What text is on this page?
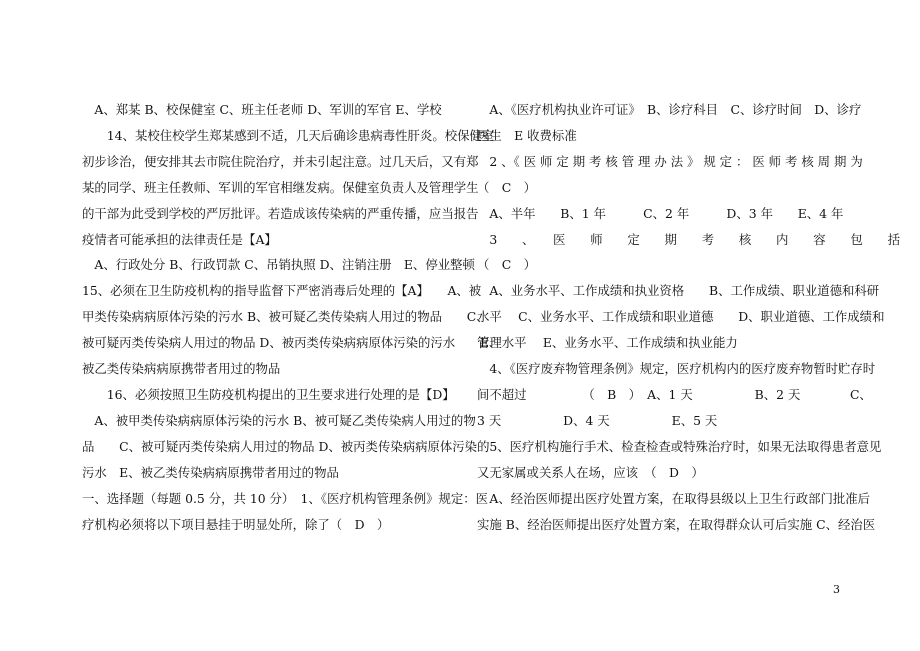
　A、郑某 B、校保健室 C、班主任老师 D、军训的军官 E、学校

　　14、某校住校学生郑某感到不适，几天后确诊患病毒性肝炎。校保健室

初步诊治，便安排其去市院住院治疗，并未引起注意。过几天后，又有郑

某的同学、班主任教师、军训的军官相继发病。保健室负责人及管理学生

的干部为此受到学校的严厉批评。若造成该传染病的严重传播，应当报告

疫情者可能承担的法律责任是【A】

　A、行政处分 B、行政罚款 C、吊销执照 D、注销注册　E、停业整顿

15、必须在卫生防疫机构的指导监督下严密消毒后处理的【A】　　A、被

甲类传染病病原体污染的污水 B、被可疑乙类传染病人用过的物品　　C、

被可疑丙类传染病人用过的物品 D、被丙类传染病病原体污染的污水　　E、

被乙类传染病病原携带者用过的物品

　　16、必须按照卫生防疫机构提出的卫生要求进行处理的是【D】

　A、被甲类传染病病原体污染的污水 B、被可疑乙类传染病人用过的物

品　　C、被可疑丙类传染病人用过的物品 D、被丙类传染病病原体污染的

污水　E、被乙类传染病病原携带者用过的物品

一、选择题（每题 0.5 分，共 10 分）　1、《医疗机构管理条例》规定：医

疗机构必须将以下项目悬挂于明显处所，除了（　D　）

　A、《医疗机构执业许可证》　B、诊疗科目　C、诊疗时间　D、诊疗

医生　E 收费标准

　2 、《 医 师 定 期 考 核 管 理 办 法 》 规 定 ： 医 师 考 核 周 期 为

（　C　）

　A、半年　　B、1 年　　　C、2 年　　　D、3 年　　E、4 年

　3　　、　　医　　师　　定　　期　　考　　核　　内　　容　　包　　括

（　C　）

　A、业务水平、工作成绩和执业资格　　B、工作成绩、职业道德和科研

水平　 C、业务水平、工作成绩和职业道德　　D、职业道德、工作成绩和

管理水平　 E、业务水平、工作成绩和执业能力

　4、《医疗废弃物管理条例》规定，医疗机构内的医疗废弃物暂时贮存时

间不超过　　　　　（　B　）　A、1 天　　　　　B、2 天　　　　C、

3 天　　　　　D、4 天　　　　　E、5 天

　5、医疗机构施行手术、检查检查或特殊治疗时，如果无法取得患者意见

又无家属或关系人在场，应该　（　D　）

　A、经治医师提出医疗处置方案，在取得县级以上卫生行政部门批准后

实施 B、经治医师提出医疗处置方案，在取得群众认可后实施 C、经治医

3
